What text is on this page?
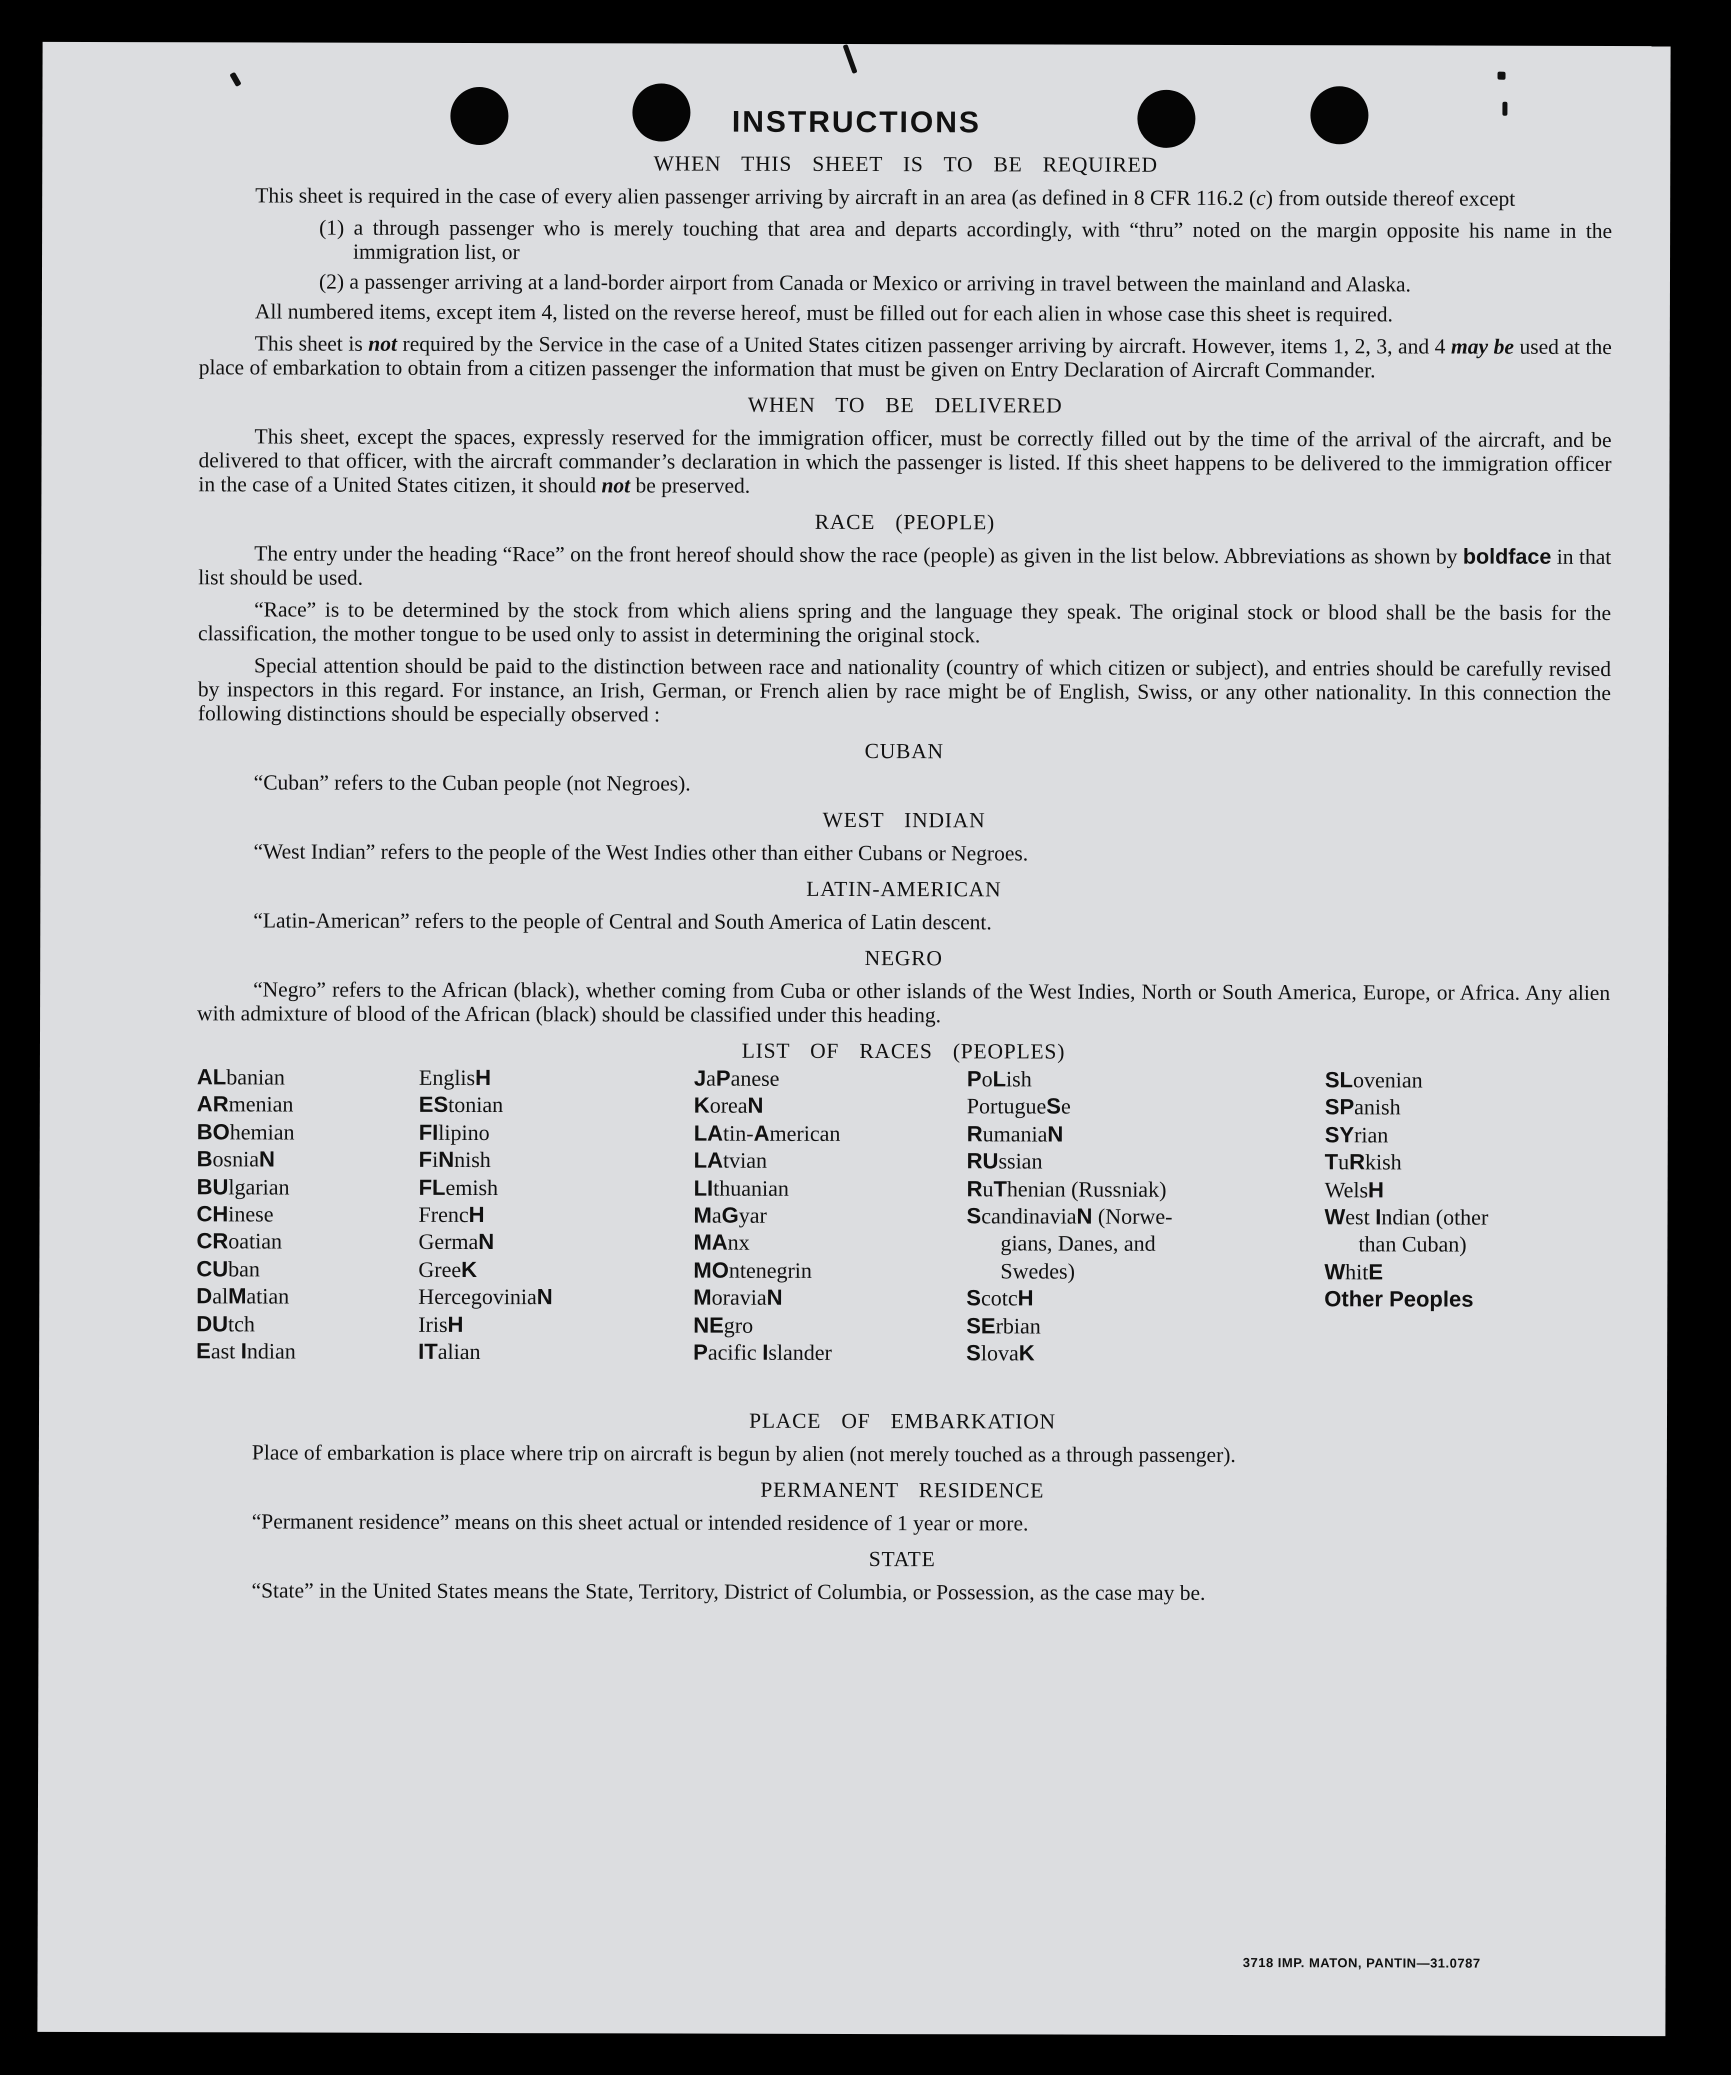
INSTRUCTIONS
WHEN THIS SHEET IS TO BE REQUIRED
This sheet is required in the case of every alien passenger arriving by aircraft in an area (as defined in 8 CFR 116.2 (c) from outside thereof except
(1) a through passenger who is merely touching that area and departs accordingly, with “thru” noted on the margin opposite his name in the immigration list, or
(2) a passenger arriving at a land-border airport from Canada or Mexico or arriving in travel between the mainland and Alaska.
All numbered items, except item 4, listed on the reverse hereof, must be filled out for each alien in whose case this sheet is required.
This sheet is not required by the Service in the case of a United States citizen passenger arriving by aircraft. However, items 1, 2, 3, and 4 may be used at the place of embarkation to obtain from a citizen passenger the information that must be given on Entry Declaration of Aircraft Commander.
WHEN TO BE DELIVERED
This sheet, except the spaces, expressly reserved for the immigration officer, must be correctly filled out by the time of the arrival of the aircraft, and be delivered to that officer, with the aircraft commander’s declaration in which the passenger is listed. If this sheet happens to be delivered to the immigration officer in the case of a United States citizen, it should not be preserved.
RACE (PEOPLE)
The entry under the heading “Race” on the front hereof should show the race (people) as given in the list below. Abbreviations as shown by boldface in that list should be used.
“Race” is to be determined by the stock from which aliens spring and the language they speak. The original stock or blood shall be the basis for the classification, the mother tongue to be used only to assist in determining the original stock.
Special attention should be paid to the distinction between race and nationality (country of which citizen or subject), and entries should be carefully revised by inspectors in this regard. For instance, an Irish, German, or French alien by race might be of English, Swiss, or any other nationality. In this connection the following distinctions should be especially observed :
CUBAN
“Cuban” refers to the Cuban people (not Negroes).
WEST INDIAN
“West Indian” refers to the people of the West Indies other than either Cubans or Negroes.
LATIN-AMERICAN
“Latin-American” refers to the people of Central and South America of Latin descent.
NEGRO
“Negro” refers to the African (black), whether coming from Cuba or other islands of the West Indies, North or South America, Europe, or Africa. Any alien with admixture of blood of the African (black) should be classified under this heading.
LIST OF RACES (PEOPLES)
ALbanian
ARmenian
BOhemian
BosniaN
BUlgarian
CHinese
CRoatian
CUban
DalMatian
DUtch
East Indian
EnglisH
EStonian
FIlipino
FiNnish
FLemish
FrencH
GermaN
GreeK
HercegoviniaN
IrisH
ITalian
JaPanese
KoreaN
LAtin-American
LAtvian
LIthuanian
MaGyar
MAnx
MOntenegrin
MoraviaN
NEgro
Pacific Islander
PoLish
PortugueSe
RumaniaN
RUssian
RuThenian (Russniak)
ScandinaviaN (Norwe-
gians, Danes, and
Swedes)
ScotcH
SErbian
SlovaK
SLovenian
SPanish
SYrian
TuRkish
WelsH
West Indian (other
than Cuban)
WhitE
Other Peoples
PLACE OF EMBARKATION
Place of embarkation is place where trip on aircraft is begun by alien (not merely touched as a through passenger).
PERMANENT RESIDENCE
“Permanent residence” means on this sheet actual or intended residence of 1 year or more.
STATE
“State” in the United States means the State, Territory, District of Columbia, or Possession, as the case may be.
3718 IMP. MATON, PANTIN—31.0787
